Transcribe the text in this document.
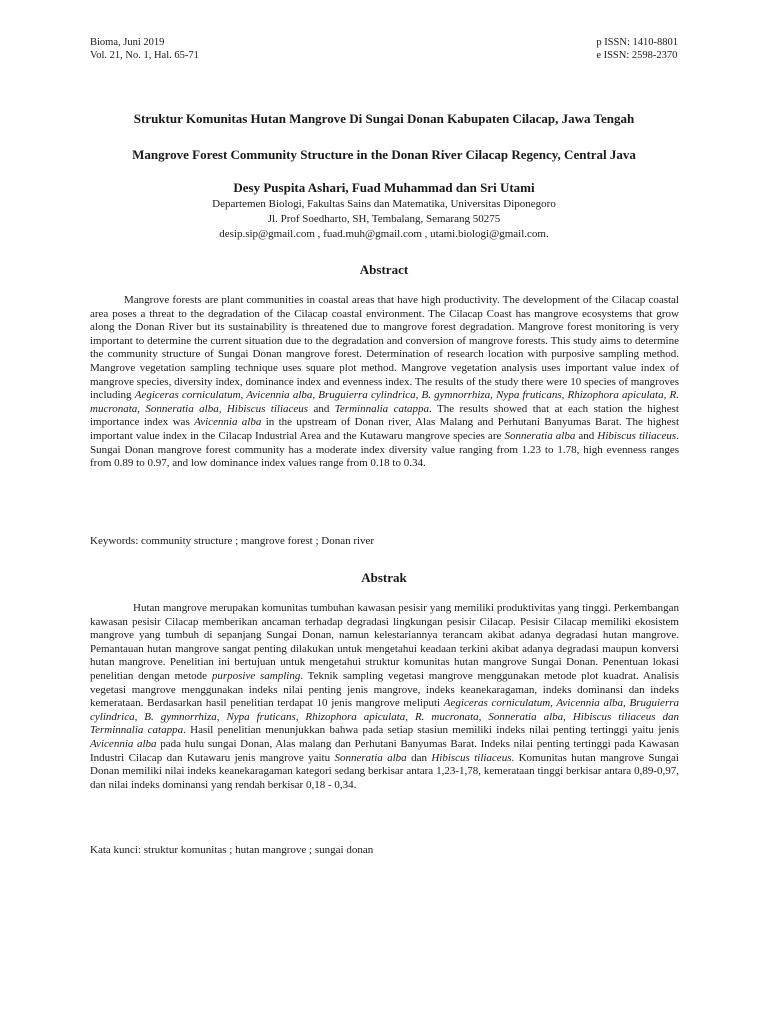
Bioma, Juni 2019
Vol. 21, No. 1, Hal. 65-71
p ISSN: 1410-8801
e ISSN: 2598-2370
Struktur Komunitas Hutan Mangrove Di Sungai Donan Kabupaten Cilacap, Jawa Tengah
Mangrove Forest Community Structure in the Donan River Cilacap Regency, Central Java
Desy Puspita Ashari, Fuad Muhammad dan Sri Utami
Departemen Biologi, Fakultas Sains dan Matematika, Universitas Diponegoro
Jl. Prof Soedharto, SH, Tembalang, Semarang 50275
desip.sip@gmail.com , fuad.muh@gmail.com , utami.biologi@gmail.com.
Abstract
Mangrove forests are plant communities in coastal areas that have high productivity. The development of the Cilacap coastal area poses a threat to the degradation of the Cilacap coastal environment. The Cilacap Coast has mangrove ecosystems that grow along the Donan River but its sustainability is threatened due to mangrove forest degradation. Mangrove forest monitoring is very important to determine the current situation due to the degradation and conversion of mangrove forests. This study aims to determine the community structure of Sungai Donan mangrove forest. Determination of research location with purposive sampling method. Mangrove vegetation sampling technique uses square plot method. Mangrove vegetation analysis uses important value index of mangrove species, diversity index, dominance index and evenness index. The results of the study there were 10 species of mangroves including Aegiceras corniculatum, Avicennia alba, Bruguierra cylindrica, B. gymnorrhiza, Nypa fruticans, Rhizophora apiculata, R. mucronata, Sonneratia alba, Hibiscus tiliaceus and Terminnalia catappa. The results showed that at each station the highest importance index was Avicennia alba in the upstream of Donan river, Alas Malang and Perhutani Banyumas Barat. The highest important value index in the Cilacap Industrial Area and the Kutawaru mangrove species are Sonneratia alba and Hibiscus tiliaceus. Sungai Donan mangrove forest community has a moderate index diversity value ranging from 1.23 to 1.78, high evenness ranges from 0.89 to 0.97, and low dominance index values range from 0.18 to 0.34.
Keywords: community structure ; mangrove forest ; Donan river
Abstrak
Hutan mangrove merupakan komunitas tumbuhan kawasan pesisir yang memiliki produktivitas yang tinggi. Perkembangan kawasan pesisir Cilacap memberikan ancaman terhadap degradasi lingkungan pesisir Cilacap. Pesisir Cilacap memiliki ekosistem mangrove yang tumbuh di sepanjang Sungai Donan, namun kelestariannya terancam akibat adanya degradasi hutan mangrove. Pemantauan hutan mangrove sangat penting dilakukan untuk mengetahui keadaan terkini akibat adanya degradasi maupun konversi hutan mangrove. Penelitian ini bertujuan untuk mengetahui struktur komunitas hutan mangrove Sungai Donan. Penentuan lokasi penelitian dengan metode purposive sampling. Teknik sampling vegetasi mangrove menggunakan metode plot kuadrat. Analisis vegetasi mangrove menggunakan indeks nilai penting jenis mangrove, indeks keanekaragaman, indeks dominansi dan indeks kemerataan. Berdasarkan hasil penelitian terdapat 10 jenis mangrove meliputi Aegiceras corniculatum, Avicennia alba, Bruguierra cylindrica, B. gymnorrhiza, Nypa fruticans, Rhizophora apiculata, R. mucronata, Sonneratia alba, Hibiscus tiliaceus dan Terminnalia catappa. Hasil penelitian menunjukkan bahwa pada setiap stasiun memiliki indeks nilai penting tertinggi yaitu jenis Avicennia alba pada hulu sungai Donan, Alas malang dan Perhutani Banyumas Barat. Indeks nilai penting tertinggi pada Kawasan Industri Cilacap dan Kutawaru jenis mangrove yaitu Sonneratia alba dan Hibiscus tiliaceus. Komunitas hutan mangrove Sungai Donan memiliki nilai indeks keanekaragaman kategori sedang berkisar antara 1,23-1,78, kemerataan tinggi berkisar antara 0,89-0,97, dan nilai indeks dominansi yang rendah berkisar 0,18 - 0,34.
Kata kunci: struktur komunitas ; hutan mangrove ; sungai donan
